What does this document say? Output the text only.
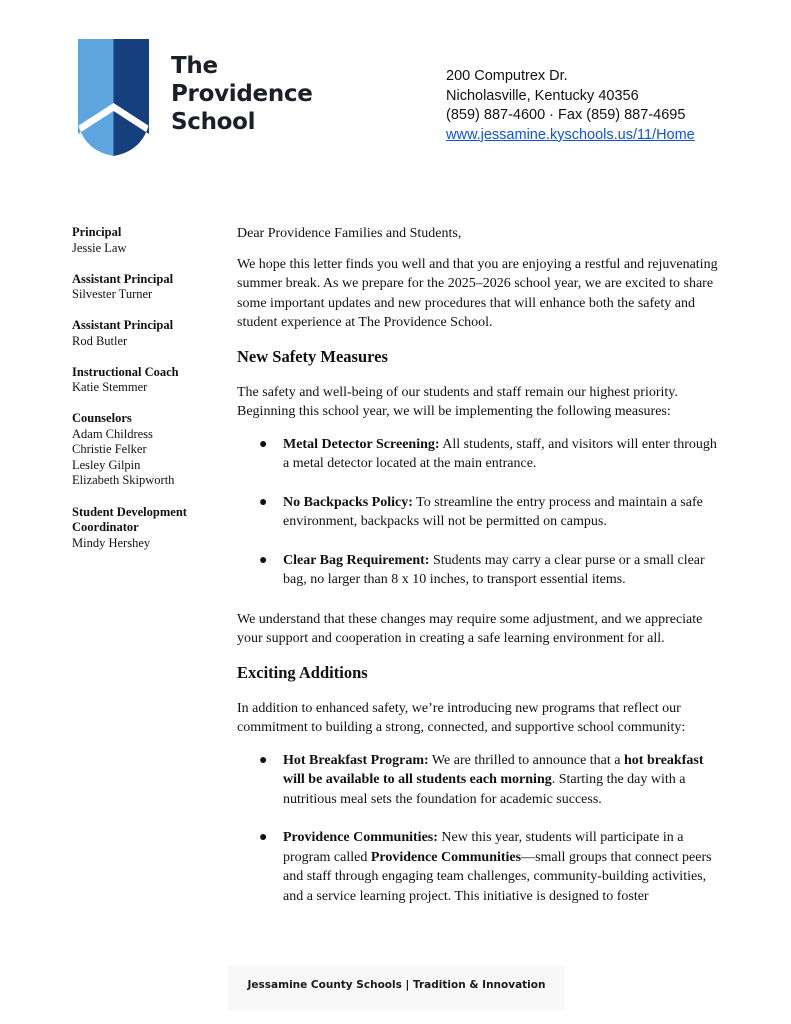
The
Providence
School
200 Computrex Dr.
Nicholasville, Kentucky 40356
(859) 887-4600 · Fax (859) 887-4695
www.jessamine.kyschools.us/11/Home
Principal
Jessie Law
Assistant Principal
Silvester Turner
Assistant Principal
Rod Butler
Instructional Coach
Katie Stemmer
Counselors
Adam Childress
Christie Felker
Lesley Gilpin
Elizabeth Skipworth
Student Development
Coordinator
Mindy Hershey

Dear Providence Families and Students,

We hope this letter finds you well and that you are enjoying a restful and rejuvenating summer break. As we prepare for the 2025–2026 school year, we are excited to share some important updates and new procedures that will enhance both the safety and student experience at The Providence School.

New Safety Measures

The safety and well-being of our students and staff remain our highest priority. Beginning this school year, we will be implementing the following measures:

● Metal Detector Screening: All students, staff, and visitors will enter through a metal detector located at the main entrance.
● No Backpacks Policy: To streamline the entry process and maintain a safe environment, backpacks will not be permitted on campus.
● Clear Bag Requirement: Students may carry a clear purse or a small clear bag, no larger than 8 x 10 inches, to transport essential items.

We understand that these changes may require some adjustment, and we appreciate your support and cooperation in creating a safe learning environment for all.

Exciting Additions

In addition to enhanced safety, we’re introducing new programs that reflect our commitment to building a strong, connected, and supportive school community:

● Hot Breakfast Program: We are thrilled to announce that a hot breakfast will be available to all students each morning. Starting the day with a nutritious meal sets the foundation for academic success.
● Providence Communities: New this year, students will participate in a program called Providence Communities—small groups that connect peers and staff through engaging team challenges, community-building activities, and a service learning project. This initiative is designed to foster
Jessamine County Schools | Tradition & Innovation
